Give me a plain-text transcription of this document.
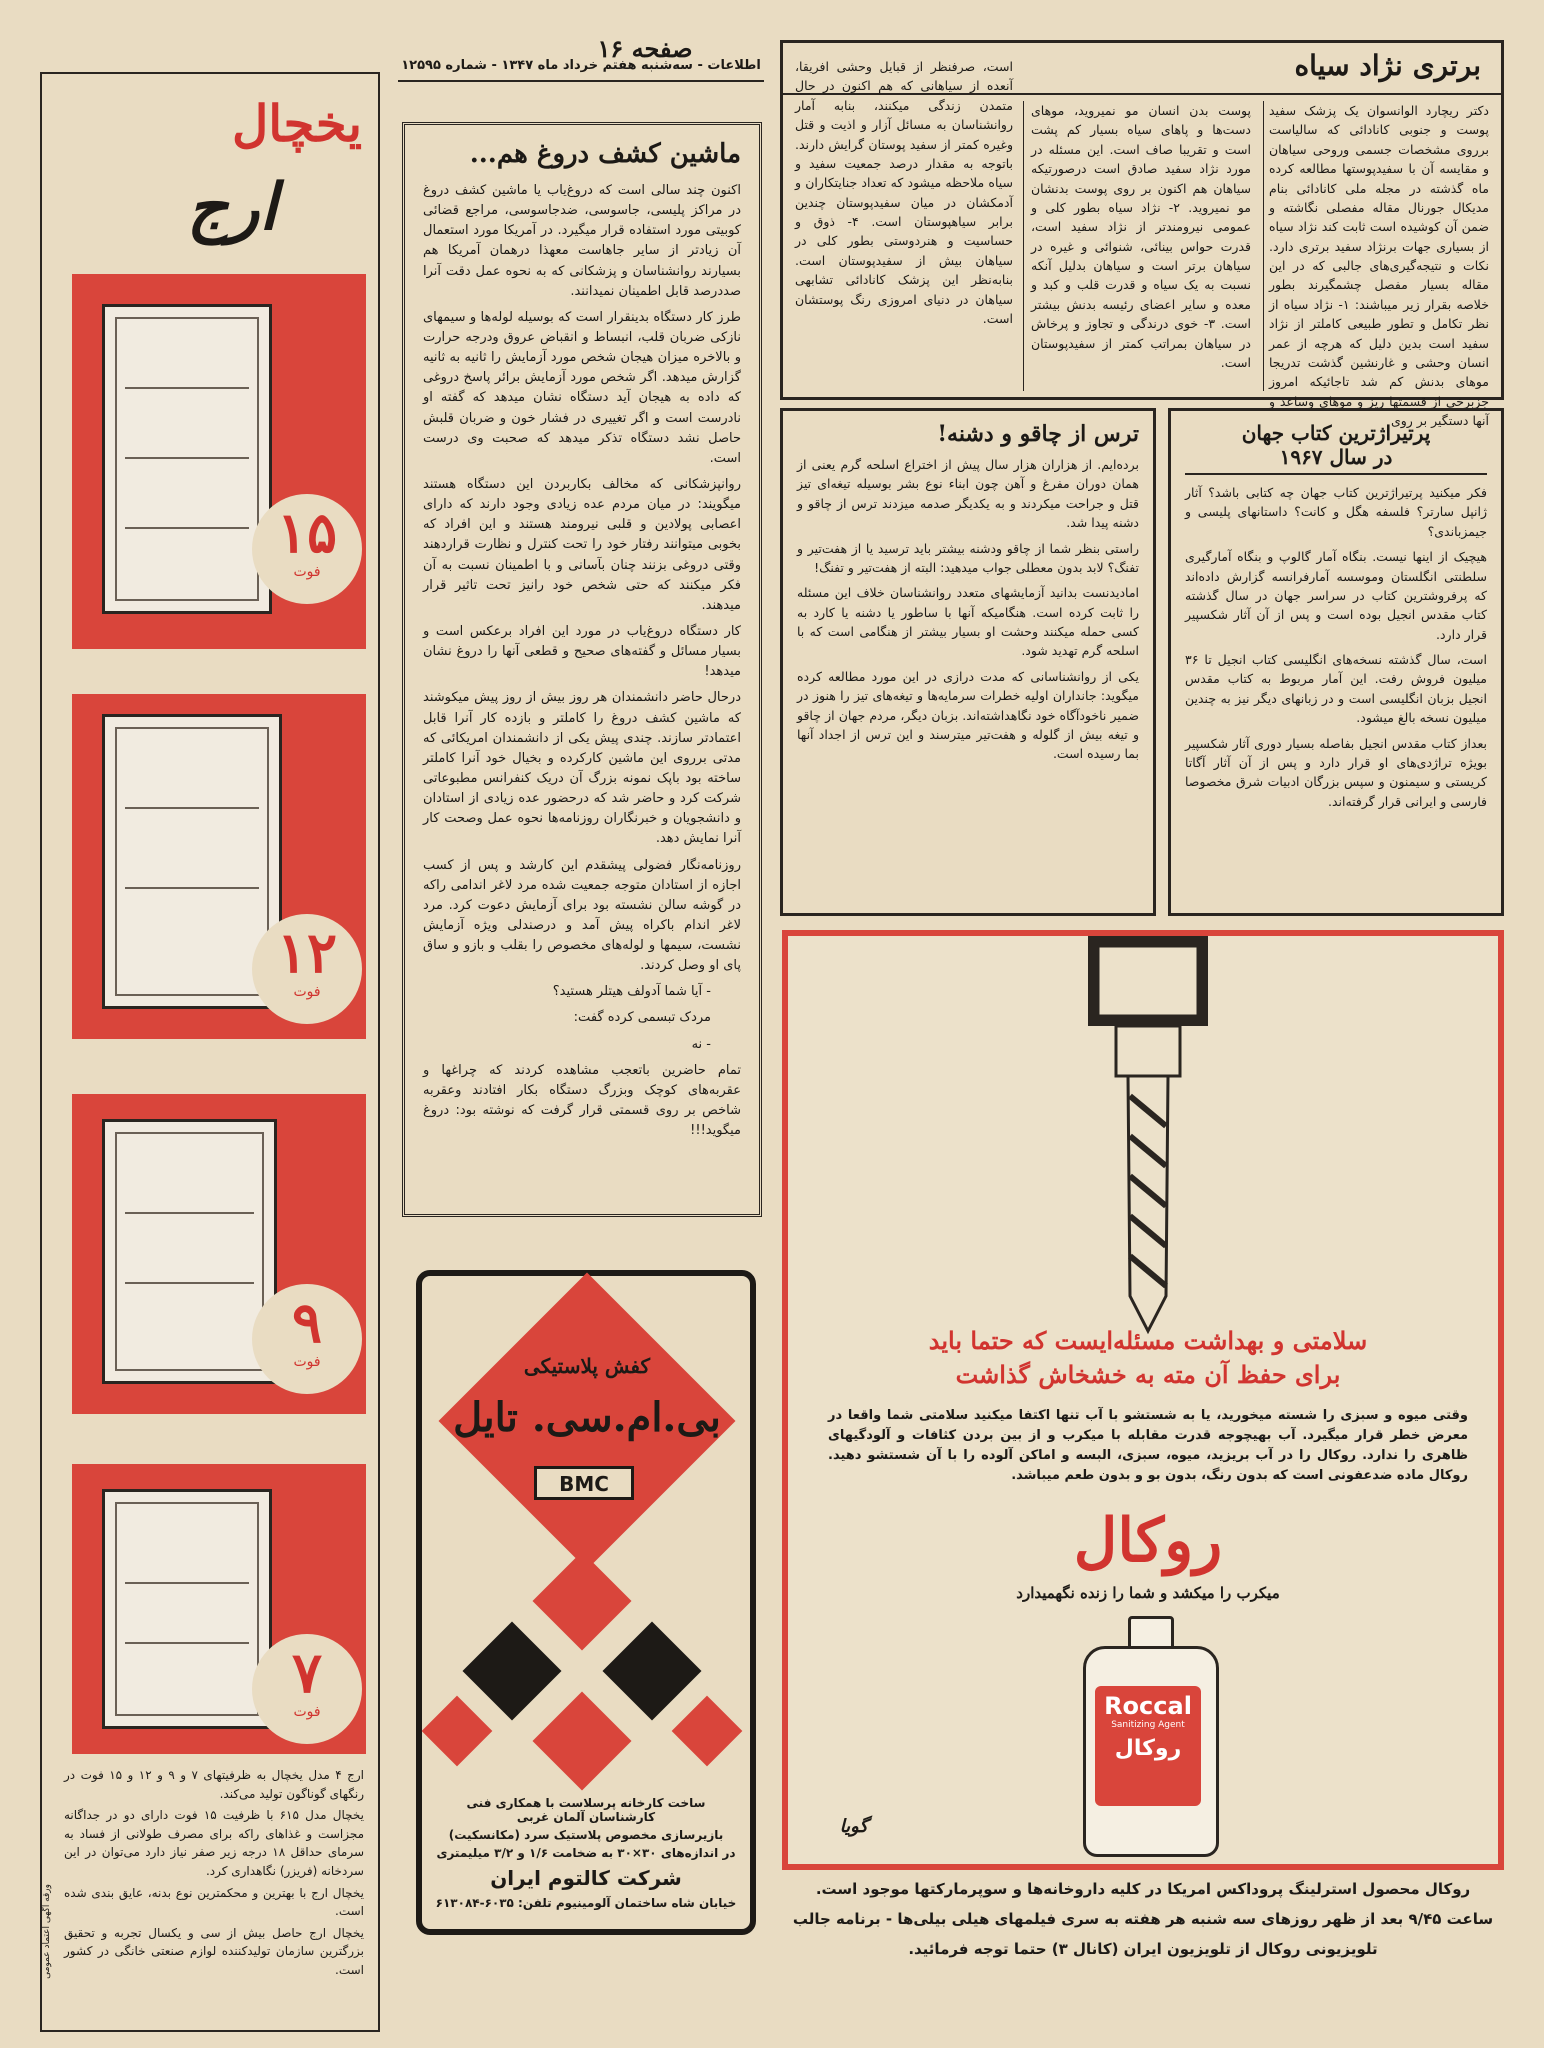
صفحه ۱۶
اطلاعات - سه‌شنبه هفتم خرداد ماه ۱۳۴۷ - شماره ۱۲۵۹۵
یخچال
ارج
۱۵
فوت
۱۲
فوت
۹
فوت
۷
فوت

ارج ۴ مدل یخچال به ظرفیتهای ۷ و ۹ و ۱۲ و ۱۵ فوت در رنگهای گوناگون تولید می‌کند.

یخچال مدل ۶۱۵ با ظرفیت ۱۵ فوت دارای دو در جداگانه مجزاست و غذاهای راکه برای مصرف طولانی از فساد به سرمای حداقل ۱۸ درجه زیر صفر نیاز دارد می‌توان در این سردخانه (فریزر) نگاهداری کرد.

یخچال ارج با بهترین و محکمترین نوع بدنه، عایق بندی شده است.

یخچال ارج حاصل بیش از سی و یکسال تجربه و تحقیق بزرگترین سازمان تولیدکننده لوازم صنعتی خانگی در کشور است.

ورقه آگهی اعتماد عمومی
ماشین کشف دروغ هم...

اکنون چند سالی است که دروغ‌یاب یا ماشین کشف دروغ در مراکز پلیسی، جاسوسی، ضدجاسوسی، مراجع قضائی کوبیتی مورد استفاده قرار میگیرد. در آمریکا مورد استعمال آن زیادتر از سایر جاهاست معهذا درهمان آمریکا هم بسیارند روانشناسان و پزشکانی که به نحوه عمل دقت آنرا صددرصد قابل اطمینان نمیدانند.

طرز کار دستگاه بدینقرار است که بوسیله لوله‌ها و سیمهای نازکی ضربان قلب، انبساط و انقباض عروق ودرجه حرارت و بالاخره میزان هیجان شخص مورد آزمایش را ثانیه به ثانیه گزارش میدهد. اگر شخص مورد آزمایش برائر پاسخ دروغی که داده به هیجان آید دستگاه نشان میدهد که گفته او نادرست است و اگر تغییری در فشار خون و ضربان قلبش حاصل نشد دستگاه تذکر میدهد که صحبت وی درست است.

روانپزشکانی که مخالف بکاربردن این دستگاه هستند میگویند: در میان مردم عده زیادی وجود دارند که دارای اعصابی پولادین و قلبی نیرومند هستند و این افراد که بخوبی میتوانند رفتار خود را تحت کنترل و نظارت قراردهند وقتی دروغی بزنند چنان بآسانی و با اطمینان نسبت به آن فکر میکنند که حتی شخص خود رانیز تحت تاثیر قرار میدهند.

کار دستگاه دروغ‌یاب در مورد این افراد برعکس است و بسیار مسائل و گفته‌های صحیح و قطعی آنها را دروغ نشان میدهد!

درحال حاضر دانشمندان هر روز بیش از روز پیش میکوشند که ماشین کشف دروغ را کاملتر و بازده کار آنرا قابل اعتمادتر سازند. چندی پیش یکی از دانشمندان امریکائی که مدتی برروی این ماشین کارکرده و بخیال خود آنرا کاملتر ساخته بود باپک نمونه بزرگ آن دریک کنفرانس مطبوعاتی شرکت کرد و حاضر شد که درحضور عده زیادی از استادان و دانشجویان و خبرنگاران روزنامه‌ها نحوه عمل وصحت کار آنرا نمایش دهد.

روزنامه‌نگار فضولی پیشقدم این کارشد و پس از کسب اجازه از استادان متوجه جمعیت شده مرد لاغر اندامی راکه در گوشه سالن نشسته بود برای آزمایش دعوت کرد. مرد لاغر اندام باکراه پیش آمد و درصندلی ویژه آزمایش نشست، سیمها و لوله‌های مخصوص را بقلب و بازو و ساق پای او وصل کردند.

- آیا شما آدولف هیتلر هستید؟

مردک تبسمی کرده گفت:

- نه

تمام حاضرین باتعجب مشاهده کردند که چراغها و عقربه‌های کوچک وبزرگ دستگاه بکار افتادند وعقربه شاخص بر روی قسمتی قرار گرفت که نوشته بود: دروغ میگوید!!!

کفش پلاستیکی
بی.ام.سی. تایل
BMC
ساخت کارخانه پرسلاست با همکاری فنی کارشناسان آلمان غربی
بازیرسازی مخصوص پلاستیک سرد (مکانسکیت)
در اندازه‌های ۳۰×۳۰ به ضخامت ۱/۶ و ۳/۲ میلیمتری
شرکت کالتوم ایران
خیابان شاه ساختمان آلومینیوم تلفن: ۶۰۳۵-۶۱۳۰۸۴
برتری نژاد سیاه

دکتر ریچارد الوانسوان یک پزشک سفید پوست و جنوبی کانادائی که سالیاست برروی مشخصات جسمی وروحی سیاهان و مقایسه آن با سفیدپوستها مطالعه کرده ماه گذشته در مجله ملی کانادائی بنام مدیکال جورنال مقاله مفصلی نگاشته و ضمن آن کوشیده است ثابت کند نژاد سیاه از بسیاری جهات برنژاد سفید برتری دارد. نکات و نتیجه‌گیری‌های جالبی که در این مقاله بسیار مفصل چشمگیرند بطور خلاصه بقرار زیر میباشند: ۱- نژاد سیاه از نظر تکامل و تطور طبیعی کاملتر از نژاد سفید است بدین دلیل که هرچه از عمر انسان وحشی و غارنشین گذشت تدریجا موهای بدنش کم شد تاجائیکه امروز جزبرخی از قسمتها ریز و موهای وساعد و آنها دستگیر بر روی

پوست بدن انسان مو نمیروید، موهای دست‌ها و پاهای سیاه بسیار کم پشت است و تقریبا صاف است. این مسئله در مورد نژاد سفید صادق است درصورتیکه سیاهان هم اکنون بر روی پوست بدنشان مو نمیروید. ۲- نژاد سیاه بطور کلی و عمومی نیرومندتر از نژاد سفید است، قدرت حواس بینائی، شنوائی و غیره در سیاهان برتر است و سیاهان بدلیل آنکه نسبت به یک سیاه و قدرت قلب و کبد و معده و سایر اعضای رئیسه بدنش بیشتر است. ۳- خوی درندگی و تجاوز و پرخاش در سیاهان بمراتب کمتر از سفیدپوستان است.

است، صرفنظر از قبایل وحشی افریقا، آنعده از سیاهانی که هم اکنون در حال متمدن زندگی میکنند، بنابه آمار روانشناسان به مسائل آزار و اذیت و قتل وغیره کمتر از سفید پوستان گرایش دارند. باتوجه به مقدار درصد جمعیت سفید و سیاه ملاحظه میشود که تعداد جنایتکاران و آدمکشان در میان سفیدپوستان چندین برابر سیاهپوستان است. ۴- ذوق و حساسیت و هنردوستی بطور کلی در سیاهان بیش از سفیدپوستان است. بنابه‌نظر این پزشک کانادائی تشابهی سیاهان در دنیای امروزی رنگ پوستشان است.

ترس از چاقو و دشنه!

برده‌ایم. از هزاران هزار سال پیش از اختراع اسلحه گرم یعنی از همان دوران مفرغ و آهن چون ابناء نوع بشر بوسیله تیغه‌ای تیز قتل و جراحت میکردند و به یکدیگر صدمه میزدند ترس از چاقو و دشنه پیدا شد.

راستی بنظر شما از چاقو ودشنه بیشتر باید ترسید یا از هفت‌تیر و تفنگ؟ لابد بدون معطلی جواب میدهید: البته از هفت‌تیر و تفنگ!

امادیدنست بدانید آزمایشهای متعدد روانشناسان خلاف این مسئله را ثابت کرده است. هنگامیکه آنها با ساطور یا دشنه یا کارد به کسی حمله میکنند وحشت او بسیار بیشتر از هنگامی است که با اسلحه گرم تهدید شود.

یکی از روانشناسانی که مدت درازی در این مورد مطالعه کرده میگوید: جانداران اولیه خطرات سرمایه‌ها و تیغه‌های تیز را هنوز در ضمیر ناخودآگاه خود نگاهداشته‌اند. بزبان دیگر، مردم جهان از چاقو و تیغه بیش از گلوله و هفت‌تیر میترسند و این ترس از اجداد آنها بما رسیده است.

پرتیراژترین کتاب جهان
در سال ۱۹۶۷

فکر میکنید پرتیراژترین کتاب جهان چه کتابی باشد؟ آثار ژانپل سارتر؟ فلسفه هگل و کانت؟ داستانهای پلیسی و جیمزباندی؟

هیچیک از اینها نیست. بنگاه آمار گالوپ و بنگاه آمارگیری سلطنتی انگلستان وموسسه آمارفرانسه گزارش داده‌اند که پرفروشترین کتاب در سراسر جهان در سال گذشته کتاب مقدس انجیل بوده است و پس از آن آثار شکسپیر قرار دارد.

است، سال گذشته نسخه‌های انگلیسی کتاب انجیل تا ۳۶ میلیون فروش رفت. این آمار مربوط به کتاب مقدس انجیل بزبان انگلیسی است و در زبانهای دیگر نیز به چندین میلیون نسخه بالغ میشود.

بعداز کتاب مقدس انجیل بفاصله بسیار دوری آثار شکسپیر بویژه تراژدی‌های او قرار دارد و پس از آن آثار آگاتا کریستی و سیمنون و سپس بزرگان ادبیات شرق مخصوصا فارسی و ایرانی قرار گرفته‌اند.

سلامتی و بهداشت مسئله‌ایست که حتما باید
برای حفظ آن مته به خشخاش گذاشت

وقتی میوه و سبزی را شسته میخورید، یا به شستشو با آب تنها اکتفا میکنید سلامتی شما واقعا در معرض خطر قرار میگیرد. آب بهیچوجه قدرت مقابله با میکرب و از بین بردن کثافات و آلودگیهای ظاهری را ندارد. روکال را در آب بریزید، میوه، سبزی، البسه و اماکن آلوده را با آن شستشو دهید. روکال ماده ضدعفونی است که بدون رنگ، بدون بو و بدون طعم میباشد.

روکال
میکرب را میکشد و شما را زنده نگهمیدارد
Roccal
Sanitizing Agent
روکال
گویا
روکال محصول استرلینگ پروداکس امریکا در کلیه داروخانه‌ها و سوپرمارکتها موجود است.
ساعت ۹/۴۵ بعد از ظهر روزهای سه شنبه هر هفته به سری فیلمهای هیلی بیلی‌ها - برنامه جالب
تلویزیونی روکال از تلویزیون ایران (کانال ۳) حتما توجه فرمائید.
